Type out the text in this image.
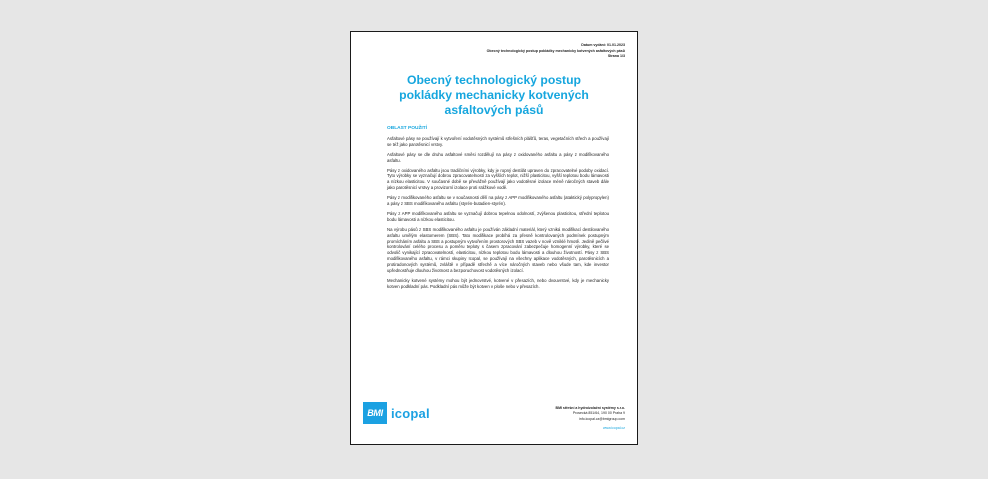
Datum vydání: 01.01.2023
Obecný technologický postup pokládky mechanicky kotvených asfaltových pásů
Strana 1/3
Obecný technologický postup pokládky mechanicky kotvených asfaltových pásů
OBLAST POUŽITÍ

Asfaltové pásy se používají k vytvoření vodotěsných systémů střešních plášťů, teras, vegetačních střech a používají se též jako parotěsnicí vrstvy.

Asfaltové pásy se dle druhu asfaltové směsi rozdělují na pásy z oxidovaného asfaltu a pásy z modifikovaného asfaltu.

Pásy z oxidovaného asfaltu jsou tradičními výrobky, kdy je ropný destilát upraven do zpracovatelné podoby oxidací. Tyto výrobky se vyznačují dobrou zpracovatelností za vyšších teplot, nižší plasticitou, vyšší teplotou bodu lámavosti a nízkou elasticitou. V současné době se převážně používají jako vodotěsné izolace méně náročných staveb dále jako parotěsnicí vrstvy a provizorní izolace proti srážkové vodě.

Pásy z modifikovaného asfaltu se v současnosti dělí na pásy z APP modifikovaného asfaltu (ataktický polypropylen) a pásy z SBS modifikovaného asfaltu (styrén-butadien-styrén).

Pásy z APP modifikovaného asfaltu se vyznačují dobrou tepelnou odolností, zvýšenou plasticitou, střední teplotou bodu lámavosti a nízkou elasticitou.

Na výrobu pásů z SBS modifikovaného asfaltu je používán základní materiál, který vzniká modifikací destilovaného asfaltu umělým elastomerem (SBS). Tato modifikace probíhá za přesně kontrolovaných podmínek postupným promícháním asfaltu a SBS a postupným vytvořením prostorových SBS vazeb v nově vzniklé hmotě. Jedině pečlivé kontrolování celého procesu a poměru teploty s časem zpracování zabezpečuje homogenní výrobky, které se odvolič vynikající zpracovatelností, elasticitou, nízkou teplotou bodu lámavosti a dlouhou životností. Pásy z SBS modifikovaného asfaltu, v rámci skupiny Icopal, se používají na všechny aplikace vodotěsných, parotěsnicích a protiradonových systémů, zvláště v případě střechě a více náročných staveb nebo všude tam, kde investor upřednostňuje dlouhou životnost a bezporuchovost vodotěsných izolací.

Mechanicky kotvené systémy mohou být jednovrstvé, kotvené v přesazích, nebo dvouvrstvé, kdy je mechanicky kotven podkladní pás. Podkladní pás může být kotven v ploše nebo v přesazích.

BMI icopal	BMI střešní a hydroizolační systémy s.r.o.
Prosecká 851/64, 190 00 Praha 9
info.icopal.cz@bmigroup.com
www.icopal.cz
